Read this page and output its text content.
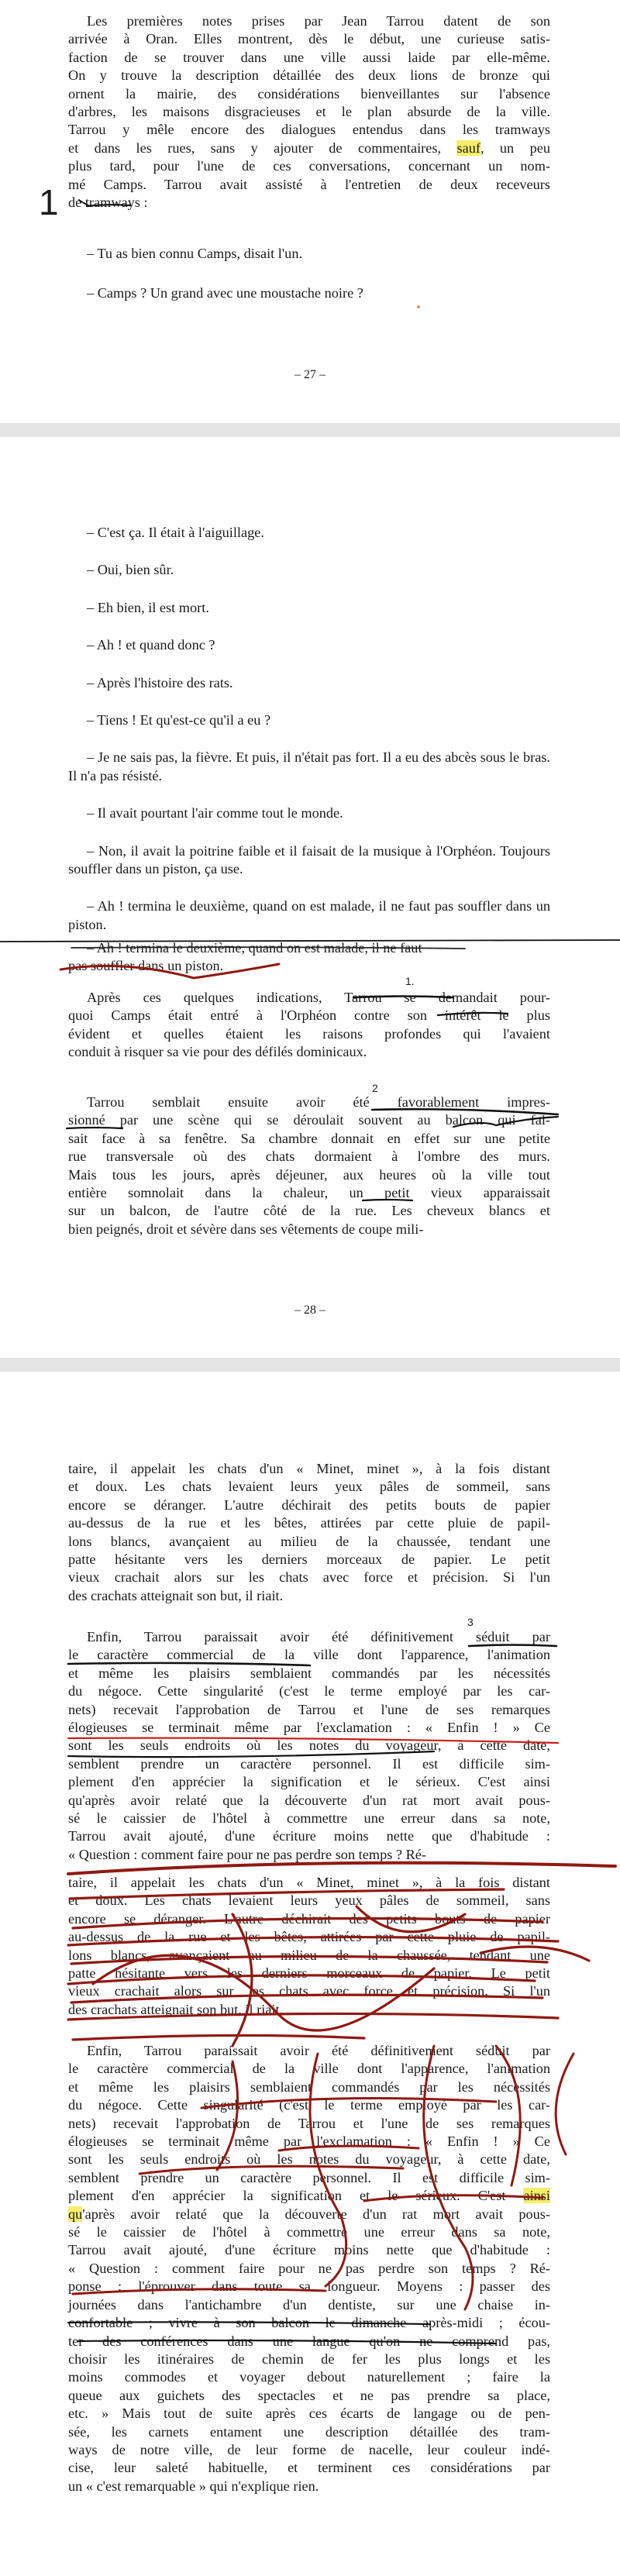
Les premières notes prises par Jean Tarrou datent de son

arrivée à Oran. Elles montrent, dès le début, une curieuse satis-

faction de se trouver dans une ville aussi laide par elle-même.

On y trouve la description détaillée des deux lions de bronze qui

ornent la mairie, des considérations bienveillantes sur l'absence

d'arbres, les maisons disgracieuses et le plan absurde de la ville.

Tarrou y mêle encore des dialogues entendus dans les tramways

et dans les rues, sans y ajouter de commentaires, sauf, un peu

plus tard, pour l'une de ces conversations, concernant un nom-

mé Camps. Tarrou avait assisté à l'entretien de deux receveurs

de tramways :

1

– Tu as bien connu Camps, disait l'un.

– Camps ? Un grand avec une moustache noire ?

– 27 –

– C'est ça. Il était à l'aiguillage.

– Oui, bien sûr.

– Eh bien, il est mort.

– Ah ! et quand donc ?

– Après l'histoire des rats.

– Tiens ! Et qu'est-ce qu'il a eu ?

– Je ne sais pas, la fièvre. Et puis, il n'était pas fort. Il a eu des abcès sous le bras. Il n'a pas résisté.

– Il avait pourtant l'air comme tout le monde.

– Non, il avait la poitrine faible et il faisait de la musique à l'Orphéon. Toujours souffler dans un piston, ça use.

– Ah ! termina le deuxième, quand on est malade, il ne faut pas souffler dans un piston.

– Ah ! termina le deuxième, quand on est malade, il ne faut

pas souffler dans un piston.

1.

Après ces quelques indications, Tarrou se demandait pour-

quoi Camps était entré à l'Orphéon contre son intérêt le plus

évident et quelles étaient les raisons profondes qui l'avaient

conduit à risquer sa vie pour des défilés dominicaux.

2

Tarrou semblait ensuite avoir été favorablement impres-

sionné par une scène qui se déroulait souvent au balcon qui fai-

sait face à sa fenêtre. Sa chambre donnait en effet sur une petite

rue transversale où des chats dormaient à l'ombre des murs.

Mais tous les jours, après déjeuner, aux heures où la ville tout

entière somnolait dans la chaleur, un petit vieux apparaissait

sur un balcon, de l'autre côté de la rue. Les cheveux blancs et

bien peignés, droit et sévère dans ses vêtements de coupe mili-

– 28 –

taire, il appelait les chats d'un « Minet, minet », à la fois distant

et doux. Les chats levaient leurs yeux pâles de sommeil, sans

encore se déranger. L'autre déchirait des petits bouts de papier

au-dessus de la rue et les bêtes, attirées par cette pluie de papil-

lons blancs, avançaient au milieu de la chaussée, tendant une

patte hésitante vers les derniers morceaux de papier. Le petit

vieux crachait alors sur les chats avec force et précision. Si l'un

des crachats atteignait son but, il riait.

3

Enfin, Tarrou paraissait avoir été définitivement séduit par

le caractère commercial de la ville dont l'apparence, l'animation

et même les plaisirs semblaient commandés par les nécessités

du négoce. Cette singularité (c'est le terme employé par les car-

nets) recevait l'approbation de Tarrou et l'une de ses remarques

élogieuses se terminait même par l'exclamation : « Enfin ! » Ce

sont les seuls endroits où les notes du voyageur, à cette date,

semblent prendre un caractère personnel. Il est difficile sim-

plement d'en apprécier la signification et le sérieux. C'est ainsi

qu'après avoir relaté que la découverte d'un rat mort avait pous-

sé le caissier de l'hôtel à commettre une erreur dans sa note,

Tarrou avait ajouté, d'une écriture moins nette que d'habitude :

« Question : comment faire pour ne pas perdre son temps ? Ré-

taire, il appelait les chats d'un « Minet, minet », à la fois distant

et doux. Les chats levaient leurs yeux pâles de sommeil, sans

encore se déranger. L'autre déchirait des petits bouts de papier

au-dessus de la rue et les bêtes, attirées par cette pluie de papil-

lons blancs, avançaient au milieu de la chaussée, tendant une

patte hésitante vers les derniers morceaux de papier. Le petit

vieux crachait alors sur les chats avec force et précision. Si l'un

des crachats atteignait son but, il riait.

Enfin, Tarrou paraissait avoir été définitivement séduit par

le caractère commercial de la ville dont l'apparence, l'animation

et même les plaisirs semblaient commandés par les nécessités

du négoce. Cette singularité (c'est le terme employé par les car-

nets) recevait l'approbation de Tarrou et l'une de ses remarques

élogieuses se terminait même par l'exclamation : « Enfin ! » Ce

sont les seuls endroits où les notes du voyageur, à cette date,

semblent prendre un caractère personnel. Il est difficile sim-

plement d'en apprécier la signification et le sérieux. C'est ainsi

qu'après avoir relaté que la découverte d'un rat mort avait pous-

sé le caissier de l'hôtel à commettre une erreur dans sa note,

Tarrou avait ajouté, d'une écriture moins nette que d'habitude :

« Question : comment faire pour ne pas perdre son temps ? Ré-

ponse : l'éprouver dans toute sa longueur. Moyens : passer des

journées dans l'antichambre d'un dentiste, sur une chaise in-

confortable ; vivre à son balcon le dimanche après-midi ; écou-

ter des conférences dans une langue qu'on ne comprend pas,

choisir les itinéraires de chemin de fer les plus longs et les

moins commodes et voyager debout naturellement ; faire la

queue aux guichets des spectacles et ne pas prendre sa place,

etc. » Mais tout de suite après ces écarts de langage ou de pen-

sée, les carnets entament une description détaillée des tram-

ways de notre ville, de leur forme de nacelle, leur couleur indé-

cise, leur saleté habituelle, et terminent ces considérations par

un « c'est remarquable » qui n'explique rien.
